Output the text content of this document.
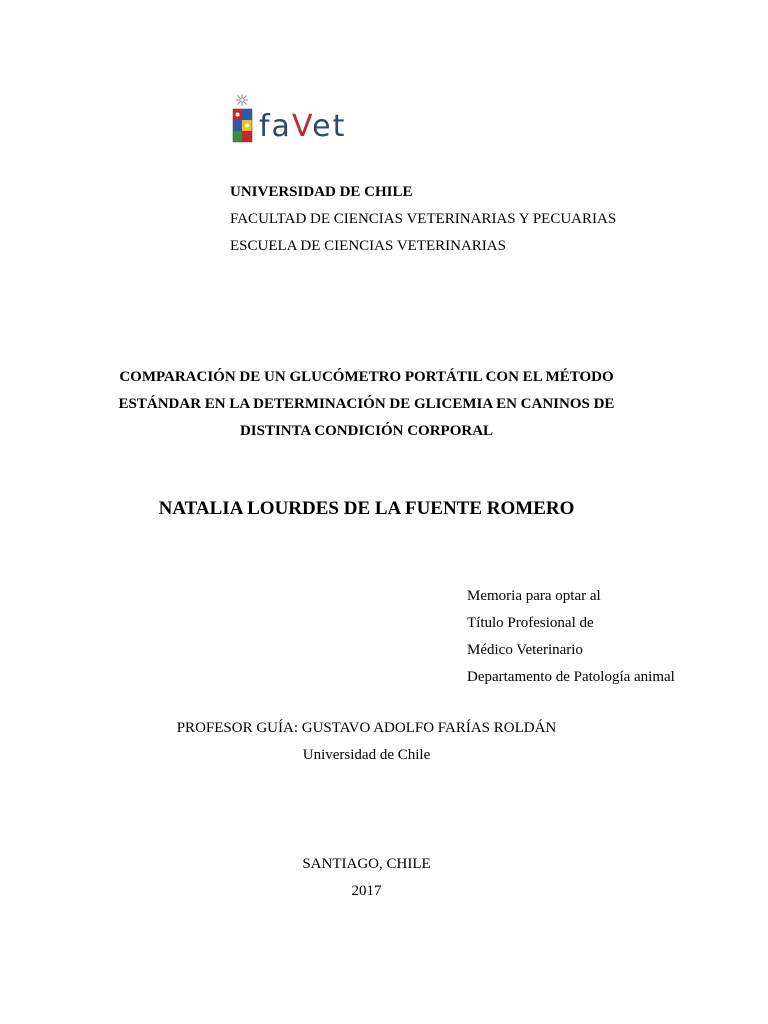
faVet
UNIVERSIDAD DE CHILE
FACULTAD DE CIENCIAS VETERINARIAS Y PECUARIAS
ESCUELA DE CIENCIAS VETERINARIAS
COMPARACIÓN DE UN GLUCÓMETRO PORTÁTIL CON EL MÉTODO
ESTÁNDAR EN LA DETERMINACIÓN DE GLICEMIA EN CANINOS DE
DISTINTA CONDICIÓN CORPORAL
NATALIA LOURDES DE LA FUENTE ROMERO
Memoria para optar al
Título Profesional de
Médico Veterinario
Departamento de Patología animal
PROFESOR GUÍA: GUSTAVO ADOLFO FARÍAS ROLDÁN
Universidad de Chile
SANTIAGO, CHILE
2017
